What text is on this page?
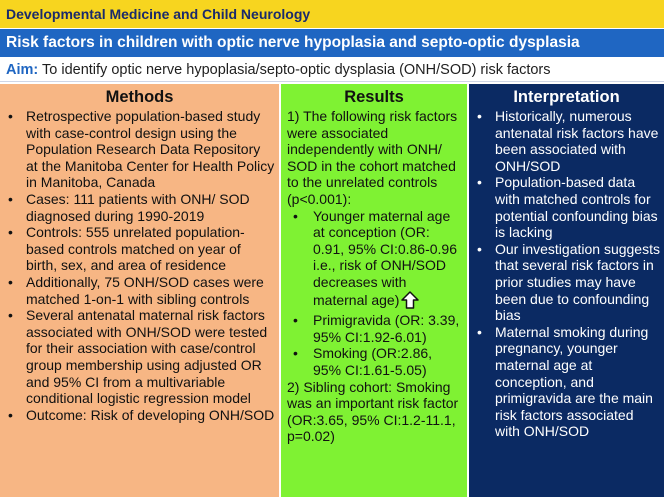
Developmental Medicine and Child Neurology
Risk factors in children with optic nerve hypoplasia and septo-optic dysplasia
Aim: To identify optic nerve hypoplasia/septo-optic dysplasia (ONH/SOD) risk factors
Methods
• Retrospective population-based study with case-control design using the Population Research Data Repository at the Manitoba Center for Health Policy in Manitoba, Canada
• Cases: 111 patients with ONH/ SOD diagnosed during 1990-2019
• Controls: 555 unrelated population-based controls matched on year of birth, sex, and area of residence
• Additionally, 75 ONH/SOD cases were matched 1-on-1 with sibling controls
• Several antenatal maternal risk factors associated with ONH/SOD were tested for their association with case/control group membership using adjusted OR and 95% CI from a multivariable conditional logistic regression model
• Outcome: Risk of developing ONH/SOD
Results
1) The following risk factors were associated independently with ONH/ SOD in the cohort matched to the unrelated controls (p<0.001):
• Younger maternal age at conception (OR: 0.91, 95% CI:0.86-0.96 i.e., risk of ONH/SOD decreases with maternal age)
• Primigravida (OR: 3.39, 95% CI:1.92-6.01)
• Smoking (OR:2.86, 95% CI:1.61-5.05)
2) Sibling cohort: Smoking was an important risk factor (OR:3.65, 95% CI:1.2-11.1, p=0.02)
Interpretation
• Historically, numerous antenatal risk factors have been associated with ONH/SOD
• Population-based data with matched controls for potential confounding bias is lacking
• Our investigation suggests that several risk factors in prior studies may have been due to confounding bias
• Maternal smoking during pregnancy, younger maternal age at conception, and primigravida are the main risk factors associated with ONH/SOD
